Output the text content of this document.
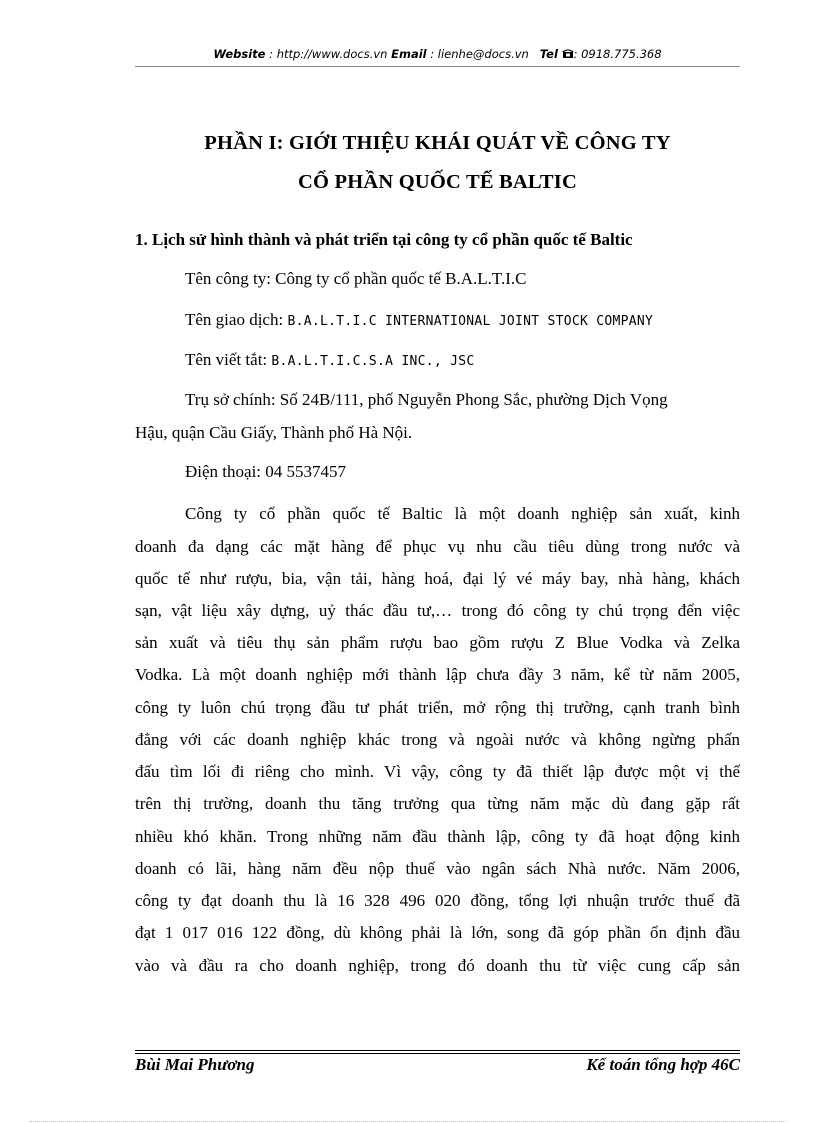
Website : http://www.docs.vn Email : lienhe@docs.vn Tel : 0918.775.368
PHẦN I: GIỚI THIỆU KHÁI QUÁT VỀ CÔNG TY
CỔ PHẦN QUỐC TẾ BALTIC
1. Lịch sử hình thành và phát triển tại công ty cổ phần quốc tế Baltic
Tên công ty: Công ty cổ phần quốc tế B.A.L.T.I.C
Tên giao dịch: B.A.L.T.I.C INTERNATIONAL JOINT STOCK COMPANY
Tên viết tắt: B.A.L.T.I.C.S.A INC., JSC
Trụ sở chính: Số 24B/111, phố Nguyễn Phong Sắc, phường Dịch Vọng
Hậu, quận Cầu Giấy, Thành phố Hà Nội.
Điện thoại: 04 5537457
Công ty cổ phần quốc tế Baltic là một doanh nghiệp sản xuất, kinh
doanh đa dạng các mặt hàng để phục vụ nhu cầu tiêu dùng trong nước và
quốc tế như rượu, bia, vận tải, hàng hoá, đại lý vé máy bay, nhà hàng, khách
sạn, vật liệu xây dựng, uỷ thác đầu tư,… trong đó công ty chú trọng đến việc
sản xuất và tiêu thụ sản phẩm rượu bao gồm rượu Z Blue Vodka và Zelka
Vodka. Là một doanh nghiệp mới thành lập chưa đầy 3 năm, kể từ năm 2005,
công ty luôn chú trọng đầu tư phát triển, mở rộng thị trường, cạnh tranh bình
đẳng với các doanh nghiệp khác trong và ngoài nước và không ngừng phấn
đấu tìm lối đi riêng cho mình. Vì vậy, công ty đã thiết lập được một vị thế
trên thị trường, doanh thu tăng trưởng qua từng năm mặc dù đang gặp rất
nhiều khó khăn. Trong những năm đầu thành lập, công ty đã hoạt động kinh
doanh có lãi, hàng năm đều nộp thuế vào ngân sách Nhà nước. Năm 2006,
công ty đạt doanh thu là 16 328 496 020 đồng, tổng lợi nhuận trước thuế đã
đạt 1 017 016 122 đồng, dù không phải là lớn, song đã góp phần ổn định đầu
vào và đầu ra cho doanh nghiệp, trong đó doanh thu từ việc cung cấp sản
Bùi Mai Phương	Kế toán tổng hợp 46C
